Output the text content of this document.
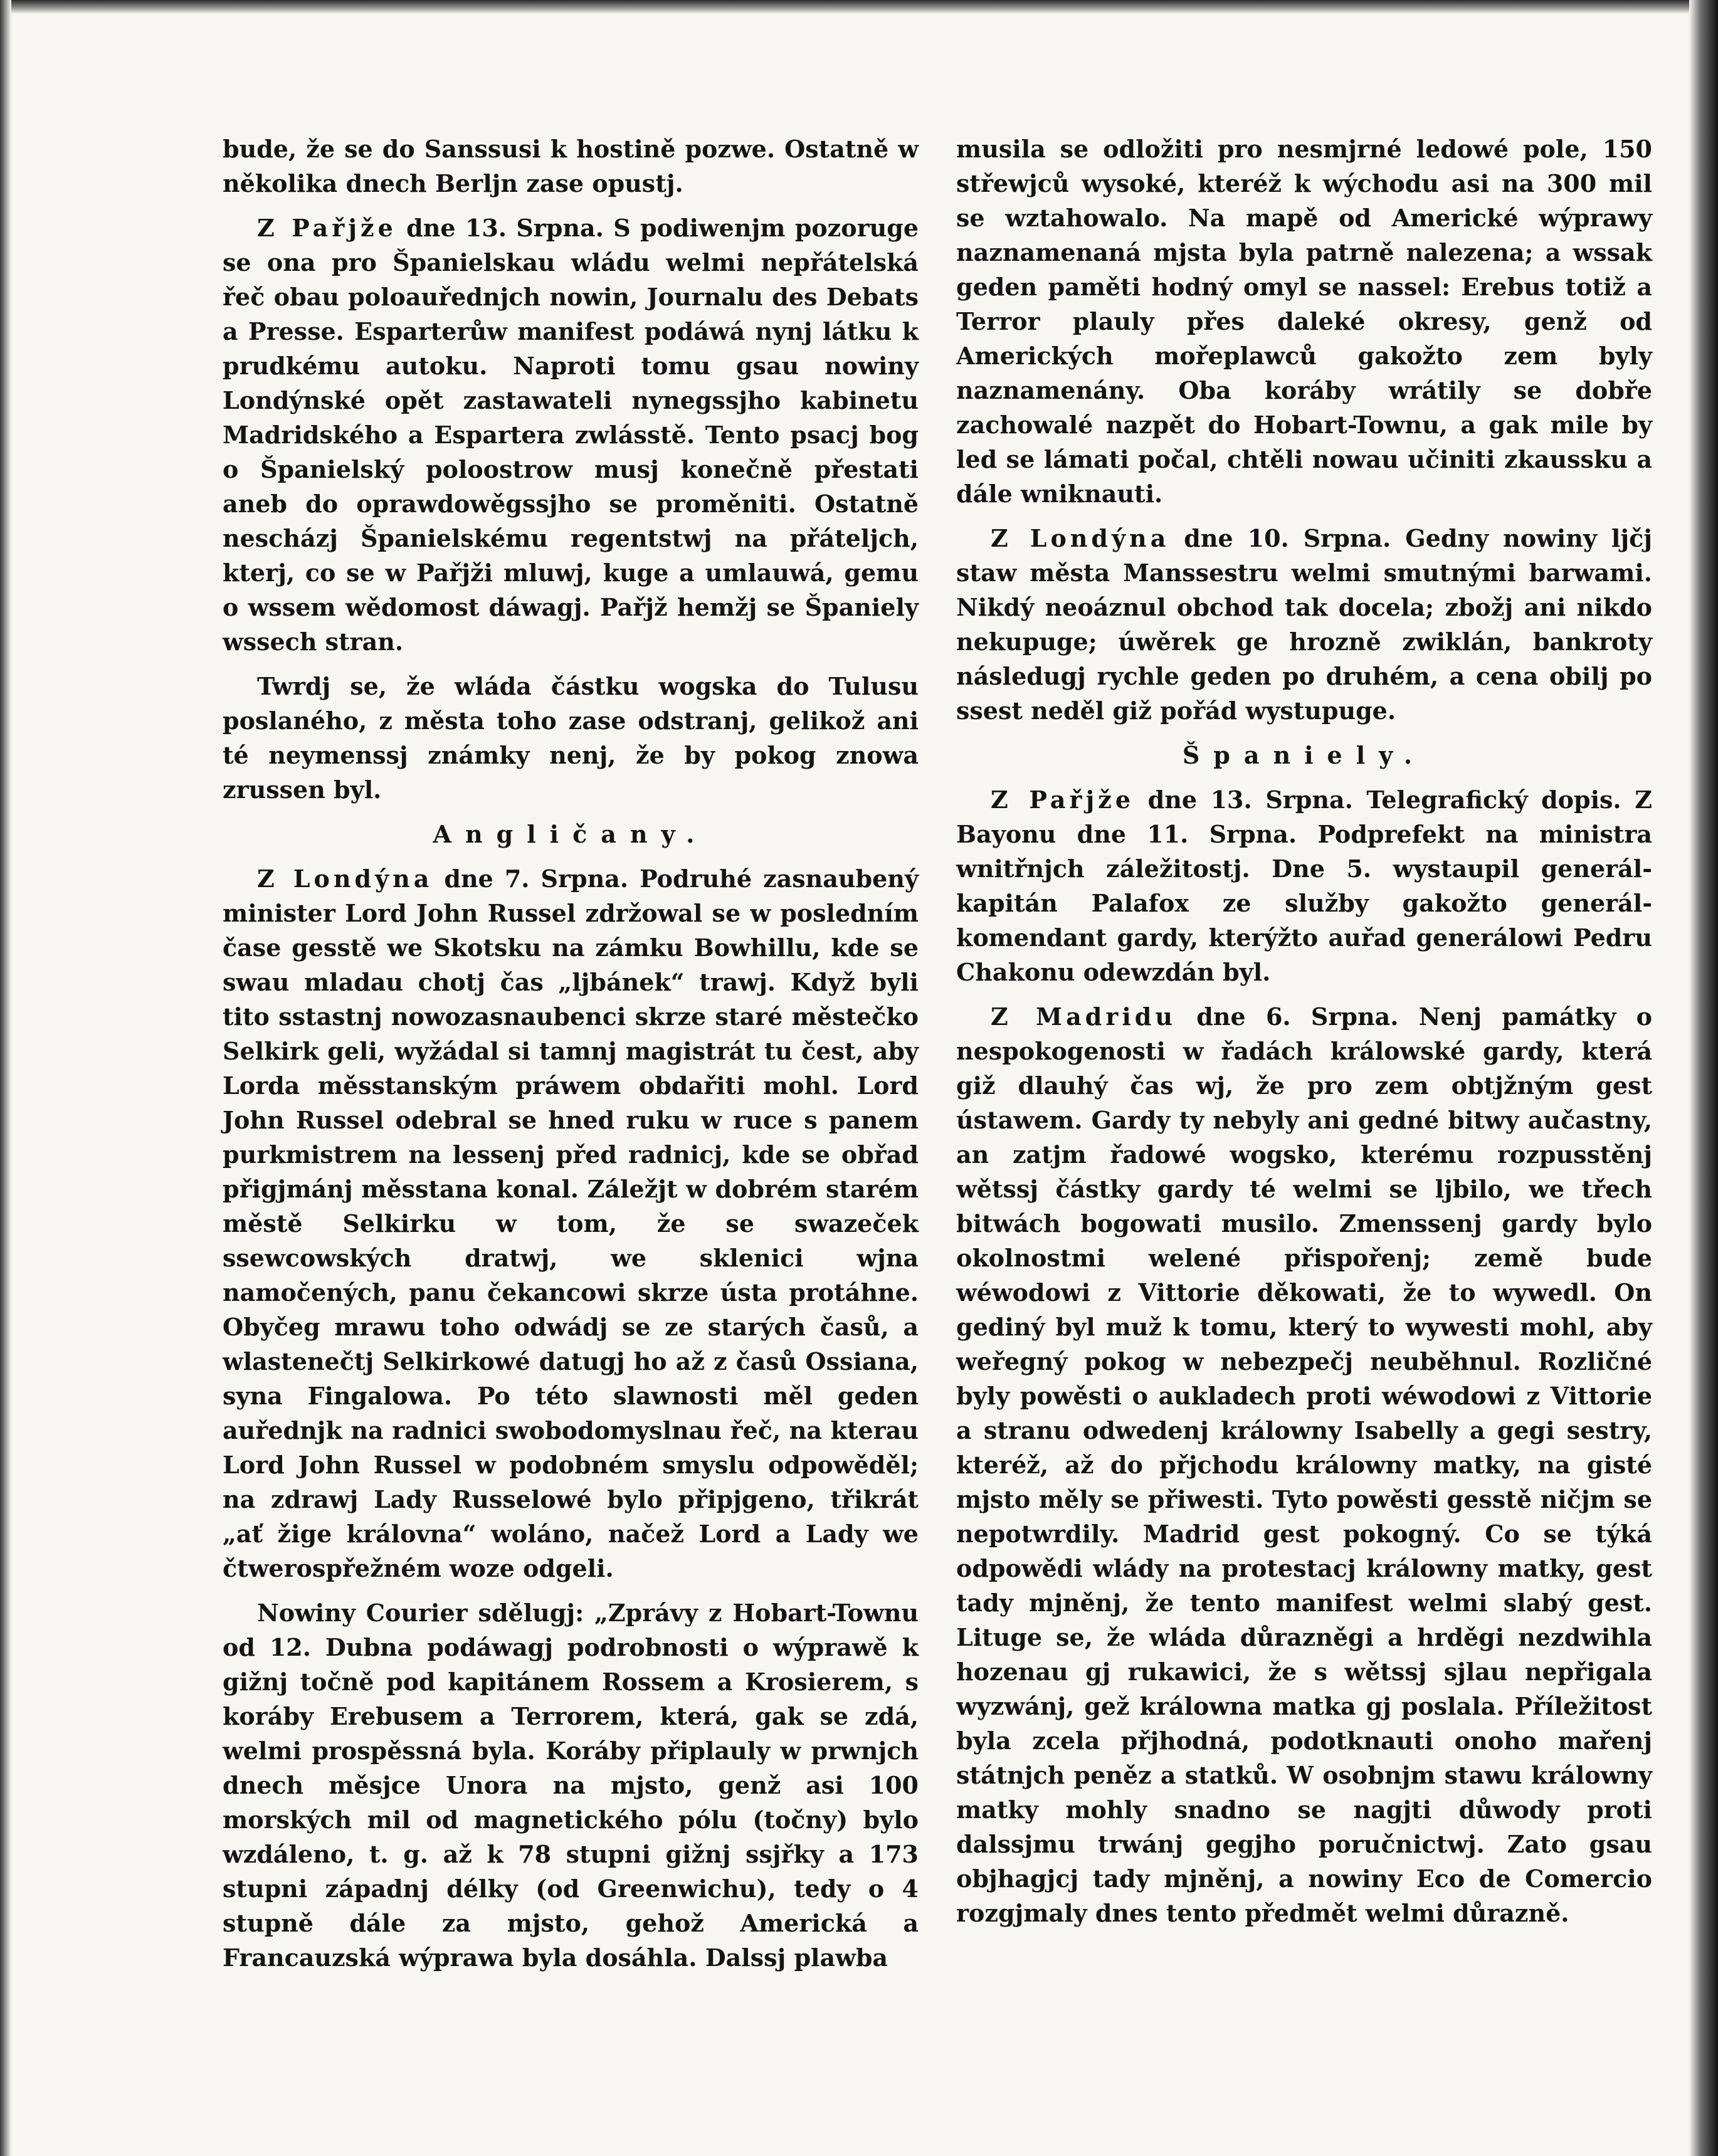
bude, že se do Sanssusi k hostině pozwe. Ostatně w několika dnech Berljn zase opustj.

Z Pařjže dne 13. Srpna. S podiwenjm pozoruge se ona pro Španielskau wládu welmi nepřátelská řeč obau poloauřednjch nowin, Journalu des Debats a Presse. Esparterůw manifest podáwá nynj látku k prudkému autoku. Naproti tomu gsau nowiny Londýnské opět zastawateli nynegssjho kabinetu Madridského a Espartera zwlásstě. Tento psacj bog o Španielský poloostrow musj konečně přestati aneb do oprawdowěgssjho se proměniti. Ostatně nescházj Španielskému regentstwj na přáteljch, kterj, co se w Pařjži mluwj, kuge a umlauwá, gemu o wssem wědomost dáwagj. Pařjž hemžj se Španiely wssech stran.

Twrdj se, že wláda částku wogska do Tulusu poslaného, z města toho zase odstranj, gelikož ani té neymenssj známky nenj, že by pokog znowa zrussen byl.

Angličany.

Z Londýna dne 7. Srpna. Podruhé zasnaubený minister Lord John Russel zdržowal se w posledním čase gesstě we Skotsku na zámku Bowhillu, kde se swau mladau chotj čas „ljbánek“ trawj. Když byli tito sstastnj nowozasnaubenci skrze staré městečko Selkirk geli, wyžádal si tamnj magistrát tu čest, aby Lorda měsstanským práwem obdařiti mohl. Lord John Russel odebral se hned ruku w ruce s panem purkmistrem na lessenj před radnicj, kde se obřad přigjmánj měsstana konal. Záležjt w dobrém starém městě Selkirku w tom, že se swazeček ssewcowských dratwj, we sklenici wjna namočených, panu čekancowi skrze ústa protáhne. Obyčeg mrawu toho odwádj se ze starých časů, a wlastenečtj Selkirkowé datugj ho až z časů Ossiana, syna Fingalowa. Po této slawnosti měl geden auřednjk na radnici swobodomyslnau řeč, na kterau Lord John Russel w podobném smyslu odpowěděl; na zdrawj Lady Russelowé bylo připjgeno, třikrát „ať žige královna“ woláno, načež Lord a Lady we čtwerospřežném woze odgeli.

Nowiny Courier sdělugj: „Zprávy z Hobart-Townu od 12. Dubna podáwagj podrobnosti o wýprawě k gižnj točně pod kapitánem Rossem a Krosierem, s koráby Erebusem a Terrorem, která, gak se zdá, welmi prospěssná byla. Koráby připlauly w prwnjch dnech měsjce Unora na mjsto, genž asi 100 morských mil od magnetického pólu (točny) bylo wzdáleno, t. g. až k 78 stupni gižnj ssjřky a 173 stupni západnj délky (od Greenwichu), tedy o 4 stupně dále za mjsto, gehož Americká a Francauzská wýprawa byla dosáhla. Dalssj plawba

musila se odložiti pro nesmjrné ledowé pole, 150 střewjců wysoké, kteréž k wýchodu asi na 300 mil se wztahowalo. Na mapě od Americké wýprawy naznamenaná mjsta byla patrně nalezena; a wssak geden paměti hodný omyl se nassel: Erebus totiž a Terror plauly přes daleké okresy, genž od Amerických mořeplawců gakožto zem byly naznamenány. Oba koráby wrátily se dobře zachowalé nazpět do Hobart-Townu, a gak mile by led se lámati počal, chtěli nowau učiniti zkaussku a dále wniknauti.

Z Londýna dne 10. Srpna. Gedny nowiny ljčj staw města Manssestru welmi smutnými barwami. Nikdý neoáznul obchod tak docela; zbožj ani nikdo nekupuge; úwěrek ge hrozně zwiklán, bankroty následugj rychle geden po druhém, a cena obilj po ssest neděl giž pořád wystupuge.

Španiely.

Z Pařjže dne 13. Srpna. Telegrafický dopis. Z Bayonu dne 11. Srpna. Podprefekt na ministra wnitřnjch záležitostj. Dne 5. wystaupil generál-kapitán Palafox ze služby gakožto generál-komendant gardy, kterýžto auřad generálowi Pedru Chakonu odewzdán byl.

Z Madridu dne 6. Srpna. Nenj památky o nespokogenosti w řadách králowské gardy, která giž dlauhý čas wj, že pro zem obtjžným gest ústawem. Gardy ty nebyly ani gedné bitwy aučastny, an zatjm řadowé wogsko, kterému rozpusstěnj wětssj částky gardy té welmi se ljbilo, we třech bitwách bogowati musilo. Zmenssenj gardy bylo okolnostmi welené přispořenj; země bude wéwodowi z Vittorie děkowati, že to wywedl. On gediný byl muž k tomu, který to wywesti mohl, aby weřegný pokog w nebezpečj neuběhnul. Rozličné byly powěsti o aukladech proti wéwodowi z Vittorie a stranu odwedenj králowny Isabelly a gegi sestry, kteréž, až do přjchodu králowny matky, na gisté mjsto měly se přiwesti. Tyto powěsti gesstě ničjm se nepotwrdily. Madrid gest pokogný. Co se týká odpowědi wlády na protestacj králowny matky, gest tady mjněnj, že tento manifest welmi slabý gest. Lituge se, že wláda důrazněgi a hrděgi nezdwihla hozenau gj rukawici, že s wětssj sjlau nepřigala wyzwánj, gež králowna matka gj poslala. Příležitost byla zcela přjhodná, podotknauti onoho mařenj státnjch peněz a statků. W osobnjm stawu králowny matky mohly snadno se nagjti důwody proti dalssjmu trwánj gegjho poručnictwj. Zato gsau objhagjcj tady mjněnj, a nowiny Eco de Comercio rozgjmaly dnes tento předmět welmi důrazně.
